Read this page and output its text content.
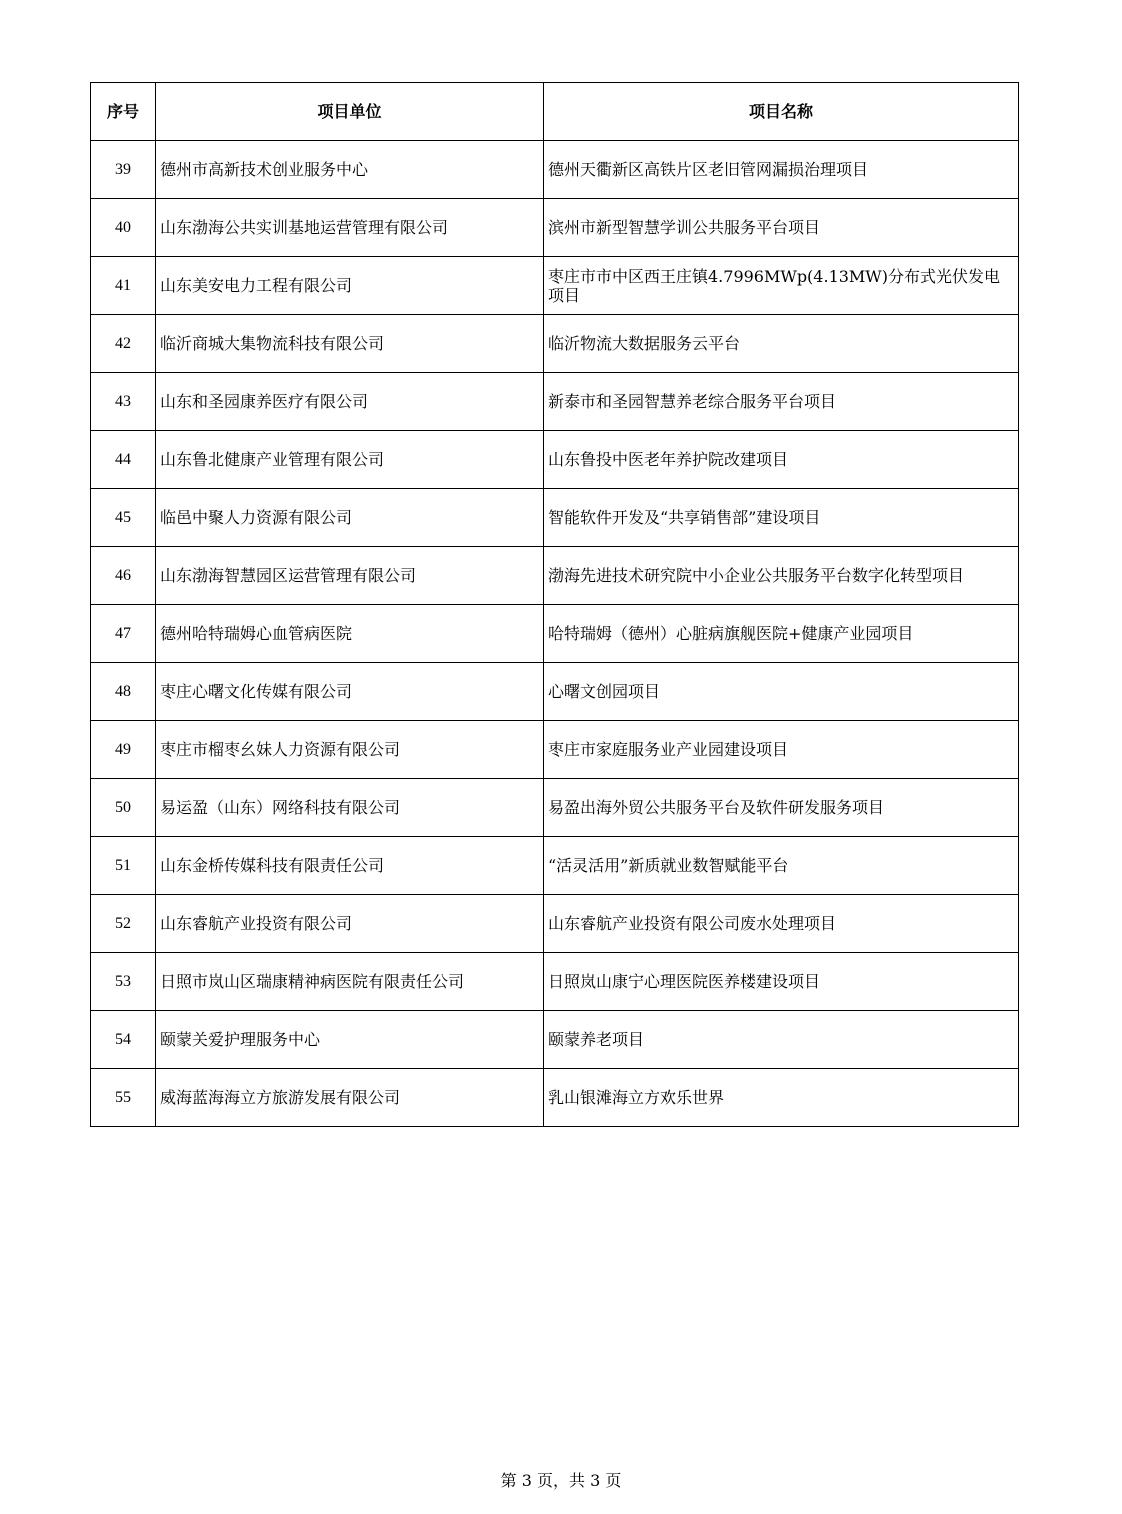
序号	项目单位	项目名称
39	德州市高新技术创业服务中心	德州天衢新区高铁片区老旧管网漏损治理项目
40	山东渤海公共实训基地运营管理有限公司	滨州市新型智慧学训公共服务平台项目
41	山东美安电力工程有限公司	枣庄市市中区西王庄镇4.7996MWp(4.13MW)分布式光伏发电项目
42	临沂商城大集物流科技有限公司	临沂物流大数据服务云平台
43	山东和圣园康养医疗有限公司	新泰市和圣园智慧养老综合服务平台项目
44	山东鲁北健康产业管理有限公司	山东鲁投中医老年养护院改建项目
45	临邑中聚人力资源有限公司	智能软件开发及“共享销售部”建设项目
46	山东渤海智慧园区运营管理有限公司	渤海先进技术研究院中小企业公共服务平台数字化转型项目
47	德州哈特瑞姆心血管病医院	哈特瑞姆（德州）心脏病旗舰医院+健康产业园项目
48	枣庄心曙文化传媒有限公司	心曙文创园项目
49	枣庄市榴枣幺妹人力资源有限公司	枣庄市家庭服务业产业园建设项目
50	易运盈（山东）网络科技有限公司	易盈出海外贸公共服务平台及软件研发服务项目
51	山东金桥传媒科技有限责任公司	“活灵活用”新质就业数智赋能平台
52	山东睿航产业投资有限公司	山东睿航产业投资有限公司废水处理项目
53	日照市岚山区瑞康精神病医院有限责任公司	日照岚山康宁心理医院医养楼建设项目
54	颐蒙关爱护理服务中心	颐蒙养老项目
55	威海蓝海海立方旅游发展有限公司	乳山银滩海立方欢乐世界
第 3 页，共 3 页
